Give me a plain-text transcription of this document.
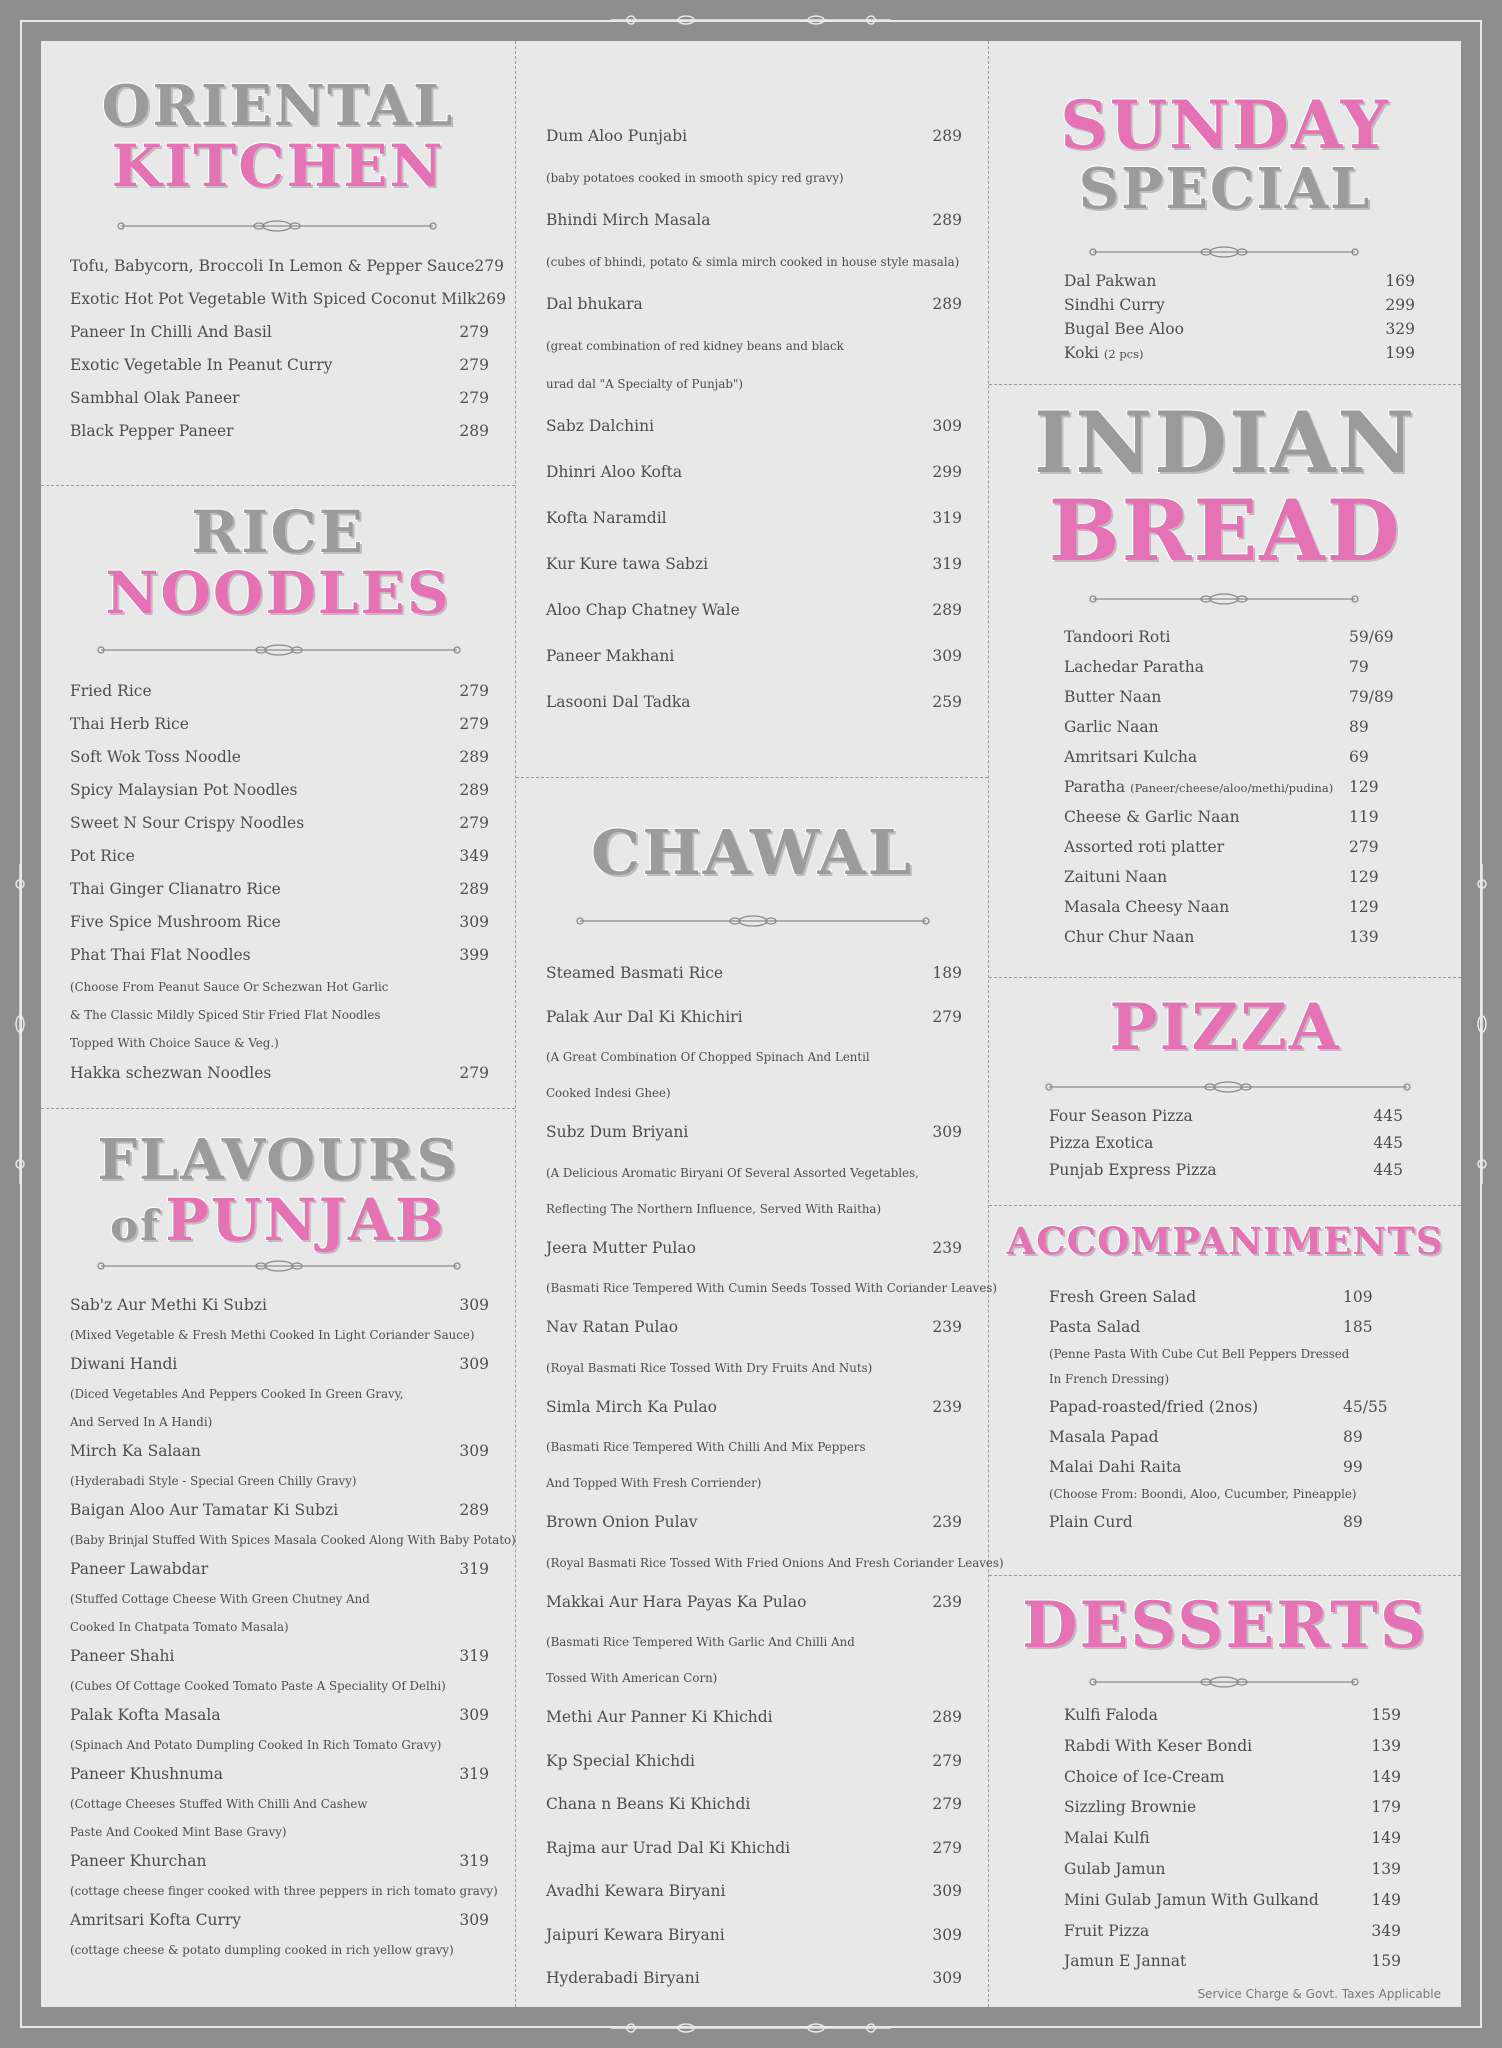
ORIENTAL
KITCHEN
Tofu, Babycorn, Broccoli In Lemon & Pepper Sauce 279
Exotic Hot Pot Vegetable With Spiced Coconut Milk 269
Paneer In Chilli And Basil	279
Exotic Vegetable In Peanut Curry	279
Sambhal Olak Paneer	279
Black Pepper Paneer	289
RICE
NOODLES
Fried Rice	279
Thai Herb Rice	279
Soft Wok Toss Noodle	289
Spicy Malaysian Pot Noodles	289
Sweet N Sour Crispy Noodles	279
Pot Rice	349
Thai Ginger Clianatro Rice	289
Five Spice Mushroom Rice	309
Phat Thai Flat Noodles	399
(Choose From Peanut Sauce Or Schezwan Hot Garlic
& The Classic Mildly Spiced Stir Fried Flat Noodles
Topped With Choice Sauce & Veg.)
Hakka schezwan Noodles	279
FLAVOURS
of PUNJAB
Sab'z Aur Methi Ki Subzi	309
(Mixed Vegetable & Fresh Methi Cooked In Light Coriander Sauce)
Diwani Handi	309
(Diced Vegetables And Peppers Cooked In Green Gravy,
And Served In A Handi)
Mirch Ka Salaan	309
(Hyderabadi Style - Special Green Chilly Gravy)
Baigan Aloo Aur Tamatar Ki Subzi	289
(Baby Brinjal Stuffed With Spices Masala Cooked Along With Baby Potato)
Paneer Lawabdar	319
(Stuffed Cottage Cheese With Green Chutney And
Cooked In Chatpata Tomato Masala)
Paneer Shahi	319
(Cubes Of Cottage Cooked Tomato Paste A Speciality Of Delhi)
Palak Kofta Masala	309
(Spinach And Potato Dumpling Cooked In Rich Tomato Gravy)
Paneer Khushnuma	319
(Cottage Cheeses Stuffed With Chilli And Cashew
Paste And Cooked Mint Base Gravy)
Paneer Khurchan	319
(cottage cheese finger cooked with three peppers in rich tomato gravy)
Amritsari Kofta Curry	309
(cottage cheese & potato dumpling cooked in rich yellow gravy)
Dum Aloo Punjabi	289
(baby potatoes cooked in smooth spicy red gravy)
Bhindi Mirch Masala	289
(cubes of bhindi, potato & simla mirch cooked in house style masala)
Dal bhukara	289
(great combination of red kidney beans and black
urad dal "A Specialty of Punjab")
Sabz Dalchini	309
Dhinri Aloo Kofta	299
Kofta Naramdil	319
Kur Kure tawa Sabzi	319
Aloo Chap Chatney Wale	289
Paneer Makhani	309
Lasooni Dal Tadka	259
CHAWAL
Steamed Basmati Rice	189
Palak Aur Dal Ki Khichiri	279
(A Great Combination Of Chopped Spinach And Lentil
Cooked Indesi Ghee)
Subz Dum Briyani	309
(A Delicious Aromatic Biryani Of Several Assorted Vegetables,
Reflecting The Northern Influence, Served With Raitha)
Jeera Mutter Pulao	239
(Basmati Rice Tempered With Cumin Seeds Tossed With Coriander Leaves)
Nav Ratan Pulao	239
(Royal Basmati Rice Tossed With Dry Fruits And Nuts)
Simla Mirch Ka Pulao	239
(Basmati Rice Tempered With Chilli And Mix Peppers
And Topped With Fresh Corriender)
Brown Onion Pulav	239
(Royal Basmati Rice Tossed With Fried Onions And Fresh Coriander Leaves)
Makkai Aur Hara Payas Ka Pulao	239
(Basmati Rice Tempered With Garlic And Chilli And
Tossed With American Corn)
Methi Aur Panner Ki Khichdi	289
Kp Special Khichdi	279
Chana n Beans Ki Khichdi	279
Rajma aur Urad Dal Ki Khichdi	279
Avadhi Kewara Biryani	309
Jaipuri Kewara Biryani	309
Hyderabadi Biryani	309
SUNDAY
SPECIAL
Dal Pakwan	169
Sindhi Curry	299
Bugal Bee Aloo	329
Koki (2 pcs)	199
INDIAN
BREAD
Tandoori Roti	59/69
Lachedar Paratha	79
Butter Naan	79/89
Garlic Naan	89
Amritsari Kulcha	69
Paratha (Paneer/cheese/aloo/methi/pudina) 129
Cheese & Garlic Naan	119
Assorted roti platter	279
Zaituni Naan	129
Masala Cheesy Naan	129
Chur Chur Naan	139
PIZZA
Four Season Pizza	445
Pizza Exotica	445
Punjab Express Pizza	445
ACCOMPANIMENTS
Fresh Green Salad	109
Pasta Salad	185
(Penne Pasta With Cube Cut Bell Peppers Dressed
In French Dressing)
Papad-roasted/fried (2nos)	45/55
Masala Papad	89
Malai Dahi Raita	99
(Choose From: Boondi, Aloo, Cucumber, Pineapple)
Plain Curd	89
DESSERTS
Kulfi Faloda	159
Rabdi With Keser Bondi	139
Choice of Ice-Cream	149
Sizzling Brownie	179
Malai Kulfi	149
Gulab Jamun	139
Mini Gulab Jamun With Gulkand	149
Fruit Pizza	349
Jamun E Jannat	159
Service Charge & Govt. Taxes Applicable
